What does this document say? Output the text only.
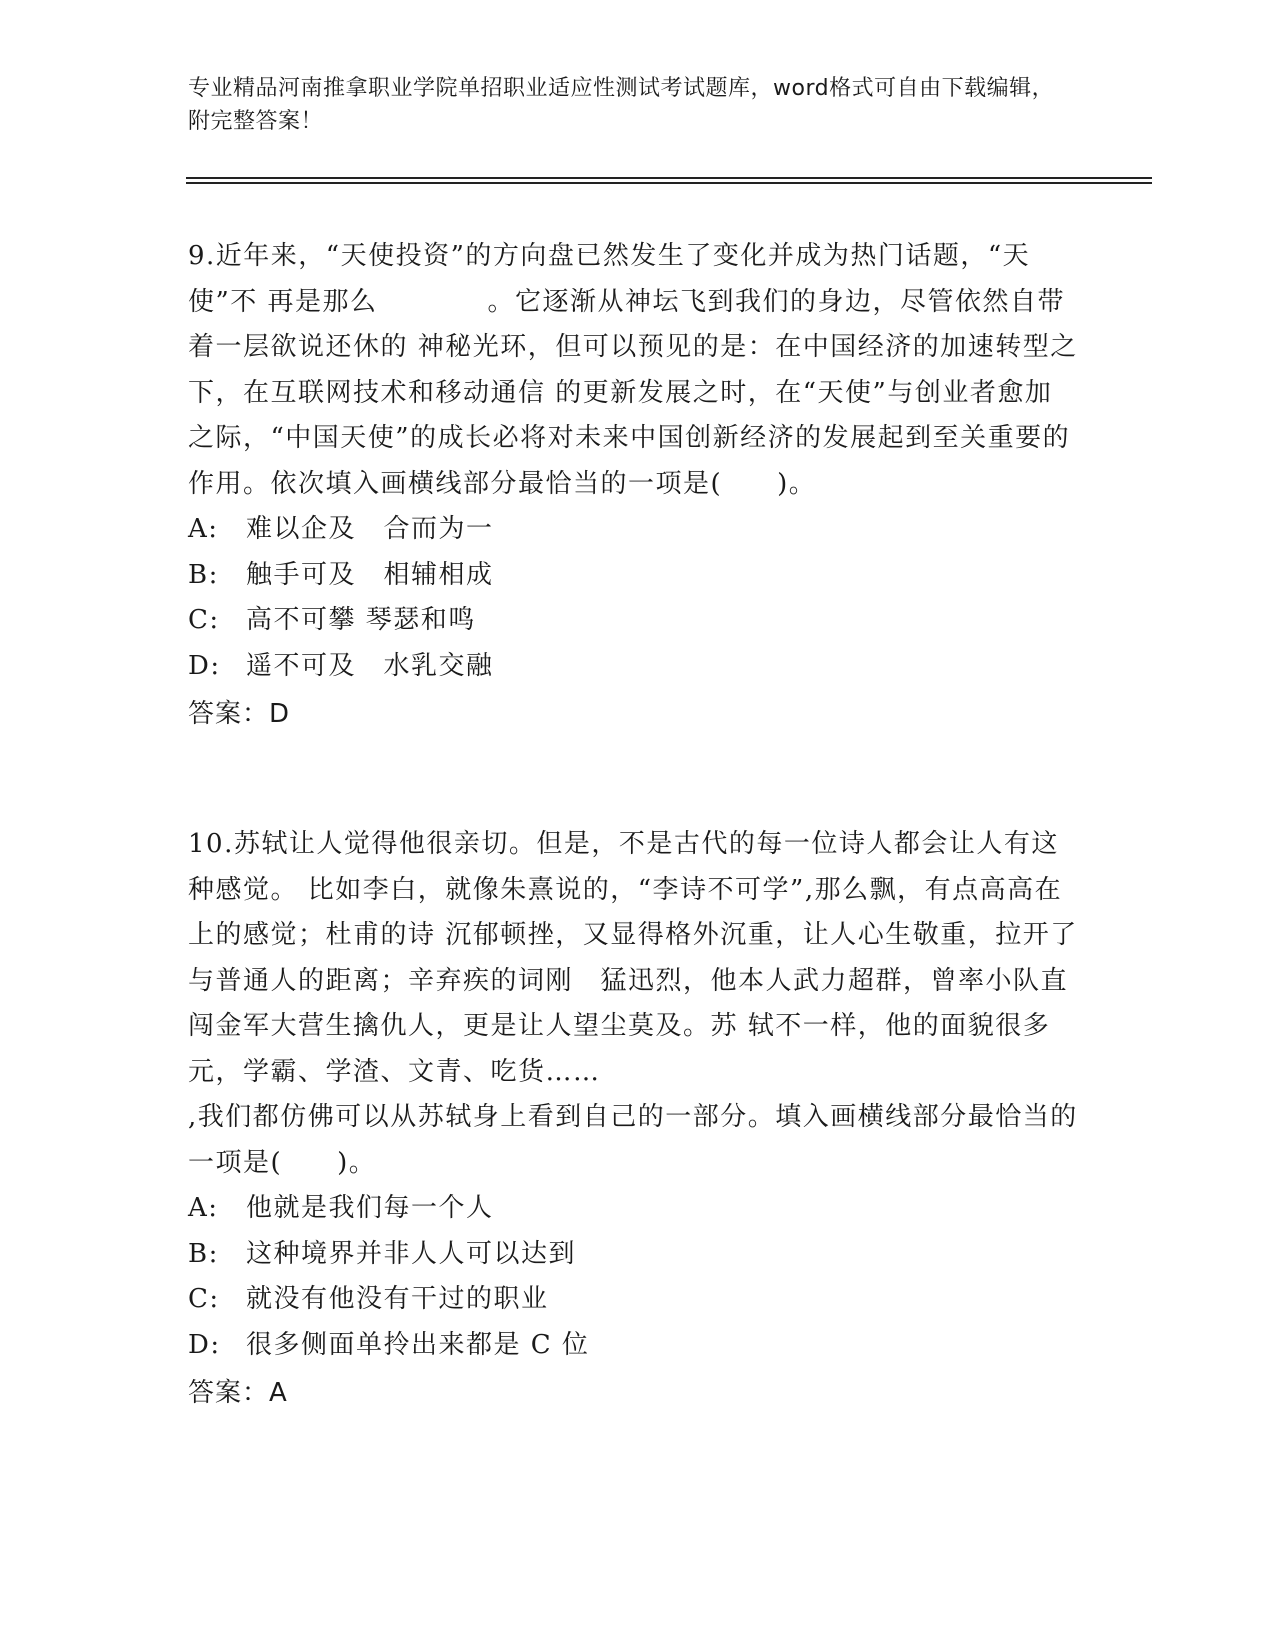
专业精品河南推拿职业学院单招职业适应性测试考试题库，word格式可自由下载编辑，附完整答案！

9.近年来，“天使投资”的方向盘已然发生了变化并成为热门话题，“天使”不 再是那么　　　　。它逐渐从神坛飞到我们的身边，尽管依然自带着一层欲说还休的 神秘光环，但可以预见的是：在中国经济的加速转型之下，在互联网技术和移动通信 的更新发展之时，在“天使”与创业者愈加　　　　　之际，“中国天使”的成长必将对未来中国创新经济的发展起到至关重要的作用。依次填入画横线部分最恰当的一项是(　　)。

A: 难以企及　合而为一
B: 触手可及　相辅相成
C: 高不可攀 琴瑟和鸣
D: 遥不可及　水乳交融
答案：D

10.苏轼让人觉得他很亲切。但是，不是古代的每一位诗人都会让人有这种感觉。 比如李白，就像朱熹说的，“李诗不可学”,那么飘，有点高高在上的感觉；杜甫的诗 沉郁顿挫，又显得格外沉重，让人心生敬重，拉开了与普通人的距离；辛弃疾的词刚　猛迅烈，他本人武力超群，曾率小队直闯金军大营生擒仇人，更是让人望尘莫及。苏 轼不一样，他的面貌很多元，学霸、学渣、文青、吃货……

,我们都仿佛可以从苏轼身上看到自己的一部分。填入画横线部分最恰当的一项是(　　)。

A: 他就是我们每一个人
B: 这种境界并非人人可以达到
C: 就没有他没有干过的职业
D: 很多侧面单拎出来都是 C 位
答案：A
